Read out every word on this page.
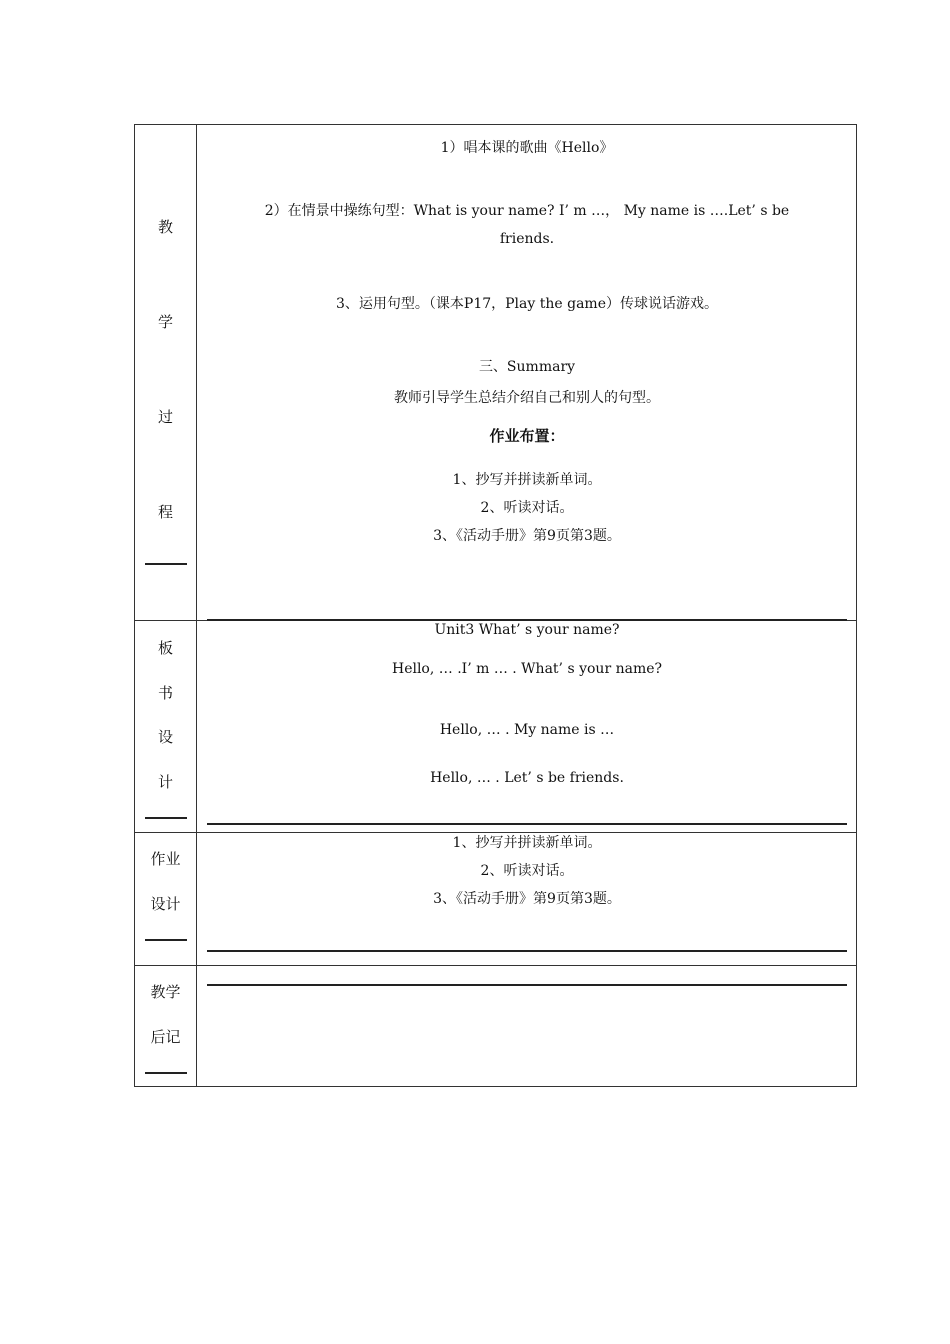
教
学
过
程
1）唱本课的歌曲《Hello》
2）在情景中操练句型：What is your name? I’ m …， My name is ….Let’ s be
friends.
3、运用句型。（课本P17，Play the game）传球说话游戏。
三、Summary
教师引导学生总结介绍自己和别人的句型。
作业布置：
1、抄写并拼读新单词。
2、听读对话。
3、《活动手册》第9页第3题。
板
书
设
计
Unit3 What’ s your name?
Hello, … .I’ m … . What’ s your name?
Hello, … . My name is …
Hello, … . Let’ s be friends.
作业
设计
1、抄写并拼读新单词。
2、听读对话。
3、《活动手册》第9页第3题。
教学
后记
